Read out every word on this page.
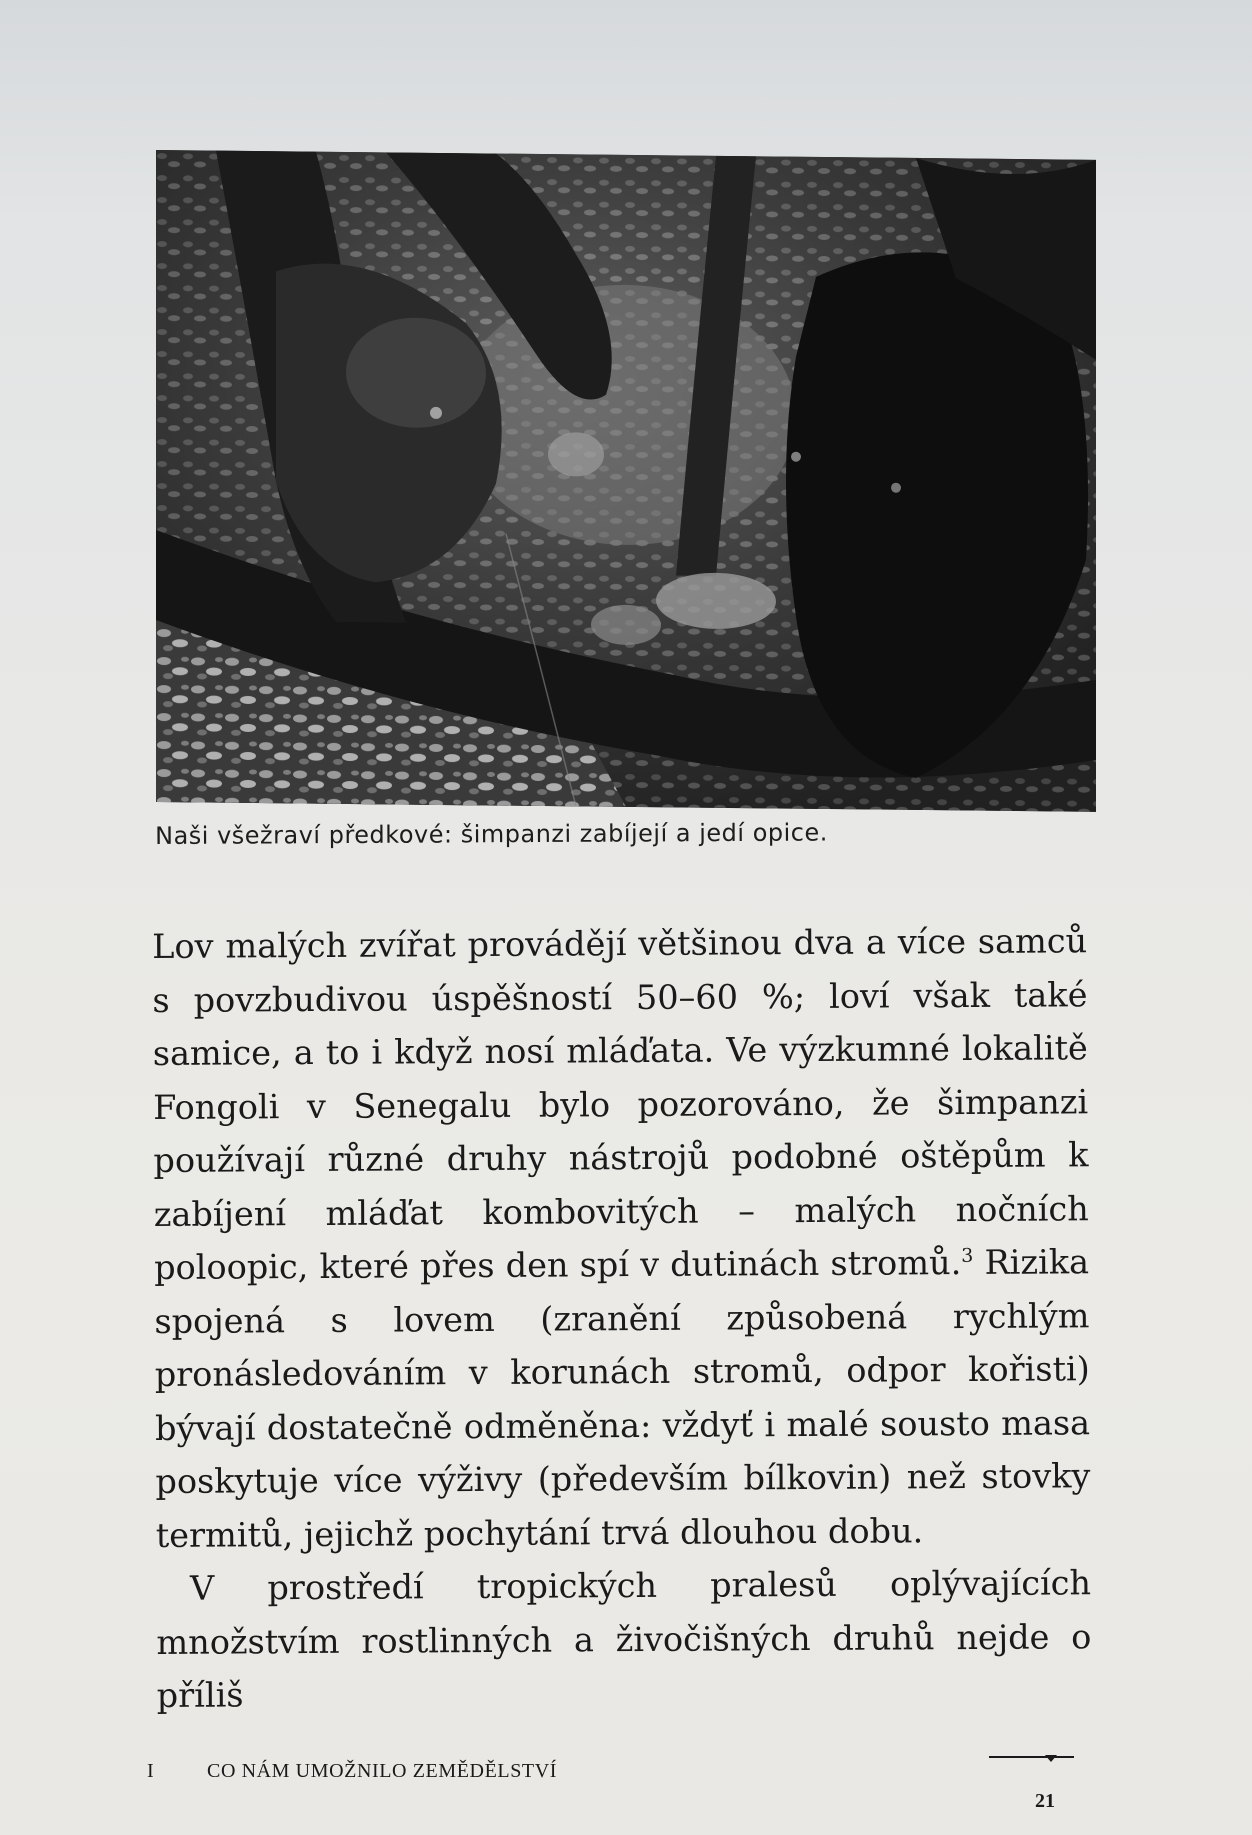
Naši všežraví předkové: šimpanzi zabíjejí a jedí opice.

Lov malých zvířat provádějí většinou dva a více samců s povzbudivou úspěšností 50–60 %; loví však také samice, a to i když nosí mláďata. Ve výzkumné lokalitě Fongoli v Senegalu bylo pozorováno, že šimpanzi používají různé druhy nástrojů podobné oštěpům k zabíjení mláďat kombovitých – malých nočních poloopic, které přes den spí v dutinách stromů.$^3$ Rizika spojená s lovem (zranění způsobená rychlým pronásledováním v korunách stromů, odpor kořisti) bývají dostatečně odměněna: vždyť i malé sousto masa poskytuje více výživy (především bílkovin) než stovky termitů, jejichž pochytání trvá dlouhou dobu.

V prostředí tropických pralesů oplývajících množstvím rostlinných a živočišných druhů nejde o příliš

I	CO NÁM UMOŽNILO ZEMĚDĚLSTVÍ
21
